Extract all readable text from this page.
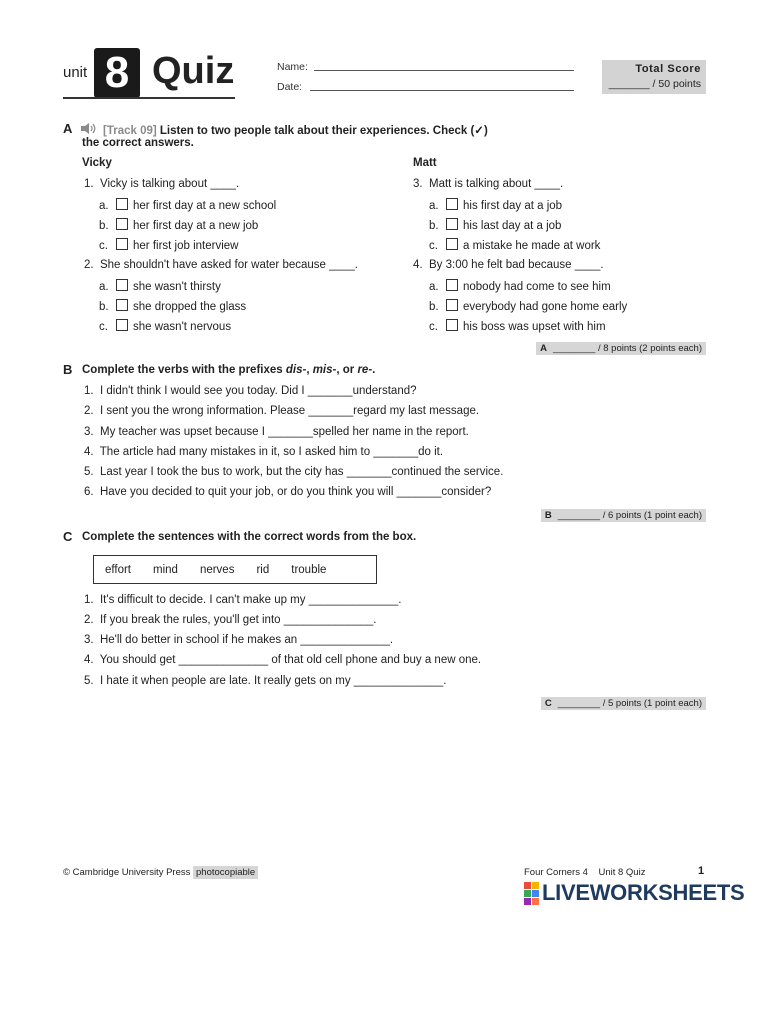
unit 8 Quiz	Name:
Date:
Total Score
_______ / 50 points
A	[Track 09] Listen to two people talk about their experiences. Check (✓)
the correct answers.
Vicky	Matt
1. Vicky is talking about ____.
a. her first day at a new school
b. her first day at a new job
c. her first job interview
2. She shouldn't have asked for water because ____.
a. she wasn't thirsty
b. she dropped the glass
c. she wasn't nervous
3. Matt is talking about ____.
a. his first day at a job
b. his last day at a job
c. a mistake he made at work
4. By 3:00 he felt bad because ____.
a. nobody had come to see him
b. everybody had gone home early
c. his boss was upset with him
A ________ / 8 points (2 points each)
B Complete the verbs with the prefixes dis-, mis-, or re-.
1. I didn't think I would see you today. Did I _______understand?
2. I sent you the wrong information. Please _______regard my last message.
3. My teacher was upset because I _______spelled her name in the report.
4. The article had many mistakes in it, so I asked him to _______do it.
5. Last year I took the bus to work, but the city has _______continued the service.
6. Have you decided to quit your job, or do you think you will _______consider?
B ________ / 6 points (1 point each)
C Complete the sentences with the correct words from the box.
effort mind nerves rid trouble
1. It's difficult to decide. I can't make up my ______________.
2. If you break the rules, you'll get into ______________.
3. He'll do better in school if he makes an ______________.
4. You should get ______________ of that old cell phone and buy a new one.
5. I hate it when people are late. It really gets on my ______________.
C ________ / 5 points (1 point each)
© Cambridge University Press photocopiable	Four Corners 4 Unit 8 Quiz	1
LIVEWORKSHEETS
